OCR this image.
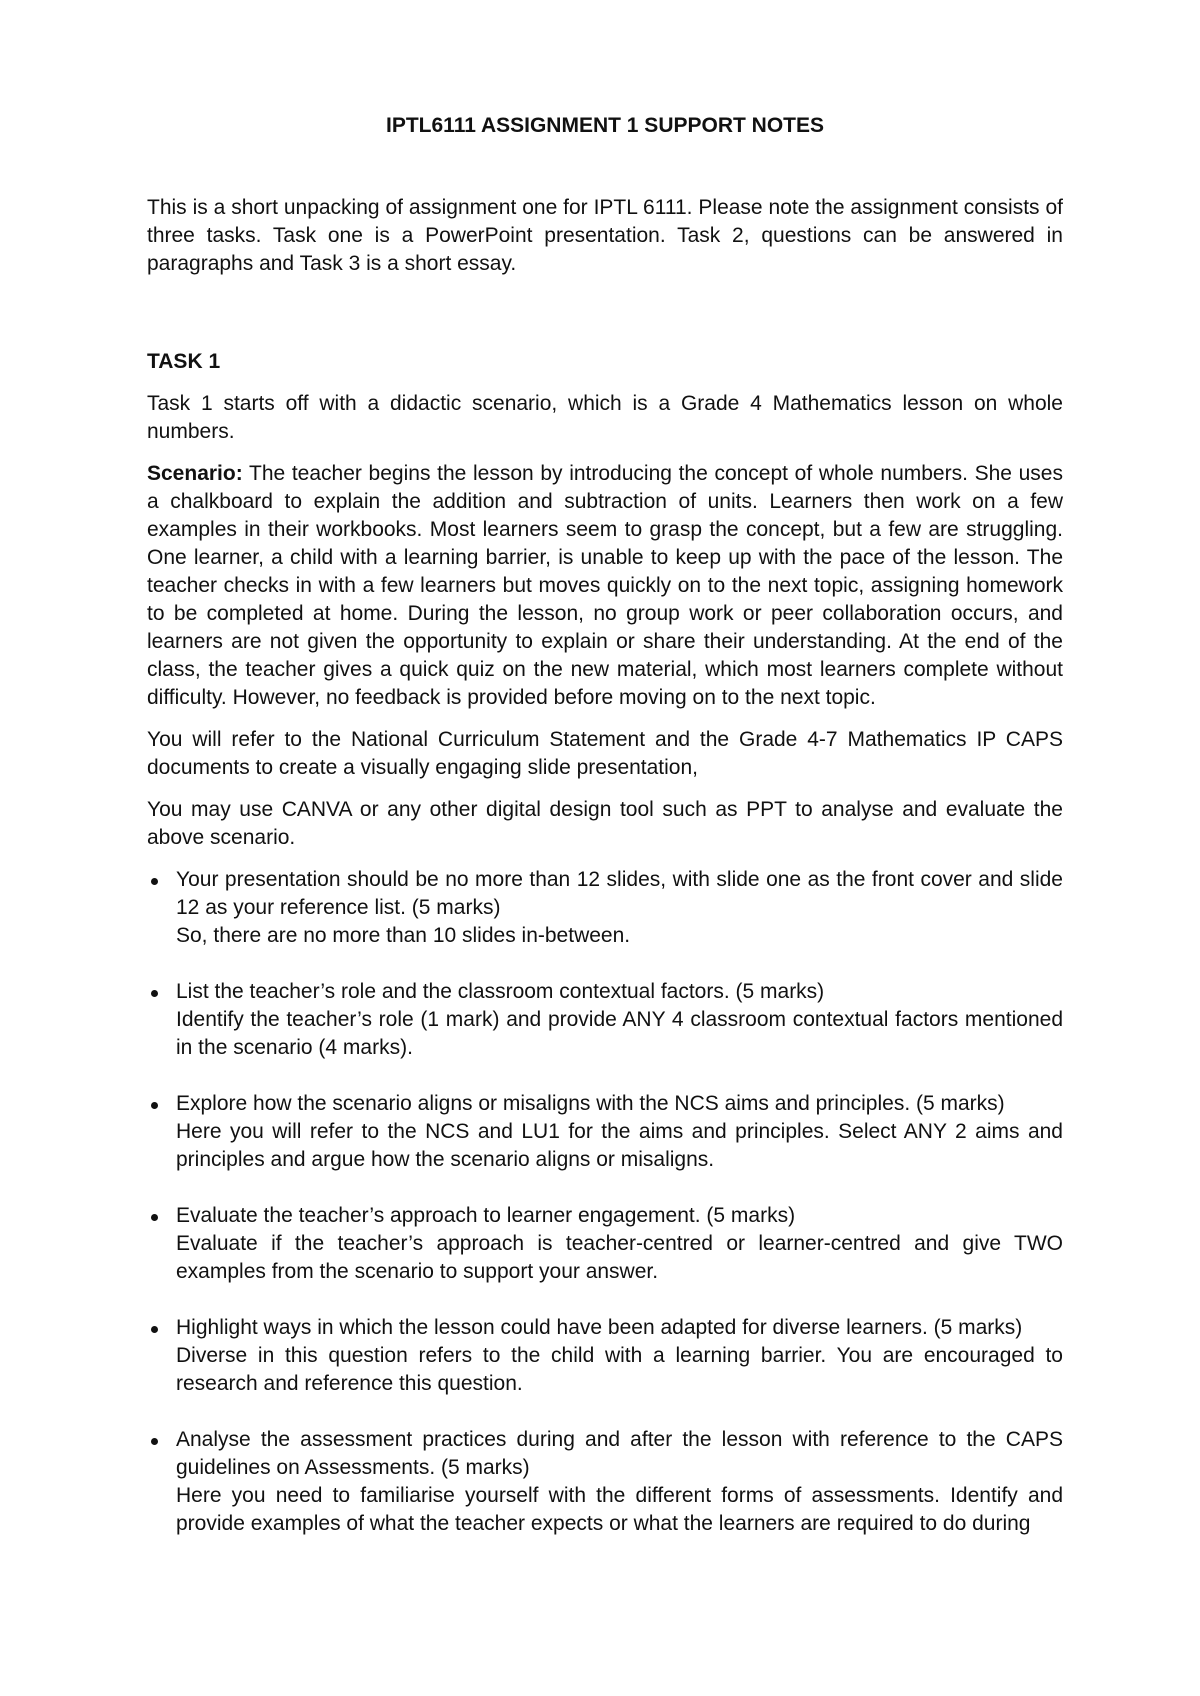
IPTL6111 ASSIGNMENT 1 SUPPORT NOTES

This is a short unpacking of assignment one for IPTL 6111. Please note the assignment consists of three tasks. Task one is a PowerPoint presentation. Task 2, questions can be answered in paragraphs and Task 3 is a short essay.

TASK 1

Task 1 starts off with a didactic scenario, which is a Grade 4 Mathematics lesson on whole numbers.

Scenario: The teacher begins the lesson by introducing the concept of whole numbers. She uses a chalkboard to explain the addition and subtraction of units. Learners then work on a few examples in their workbooks. Most learners seem to grasp the concept, but a few are struggling. One learner, a child with a learning barrier, is unable to keep up with the pace of the lesson. The teacher checks in with a few learners but moves quickly on to the next topic, assigning homework to be completed at home. During the lesson, no group work or peer collaboration occurs, and learners are not given the opportunity to explain or share their understanding. At the end of the class, the teacher gives a quick quiz on the new material, which most learners complete without difficulty. However, no feedback is provided before moving on to the next topic.

You will refer to the National Curriculum Statement and the Grade 4-7 Mathematics IP CAPS documents to create a visually engaging slide presentation,

You may use CANVA or any other digital design tool such as PPT to analyse and evaluate the above scenario.

Your presentation should be no more than 12 slides, with slide one as the front cover and slide 12 as your reference list. (5 marks)
So, there are no more than 10 slides in-between.
List the teacher’s role and the classroom contextual factors. (5 marks)
Identify the teacher’s role (1 mark) and provide ANY 4 classroom contextual factors mentioned in the scenario (4 marks).
Explore how the scenario aligns or misaligns with the NCS aims and principles. (5 marks)
Here you will refer to the NCS and LU1 for the aims and principles. Select ANY 2 aims and principles and argue how the scenario aligns or misaligns.
Evaluate the teacher’s approach to learner engagement. (5 marks)
Evaluate if the teacher’s approach is teacher-centred or learner-centred and give TWO examples from the scenario to support your answer.
Highlight ways in which the lesson could have been adapted for diverse learners. (5 marks)
Diverse in this question refers to the child with a learning barrier. You are encouraged to research and reference this question.
Analyse the assessment practices during and after the lesson with reference to the CAPS guidelines on Assessments. (5 marks)
Here you need to familiarise yourself with the different forms of assessments. Identify and provide examples of what the teacher expects or what the learners are required to do during
